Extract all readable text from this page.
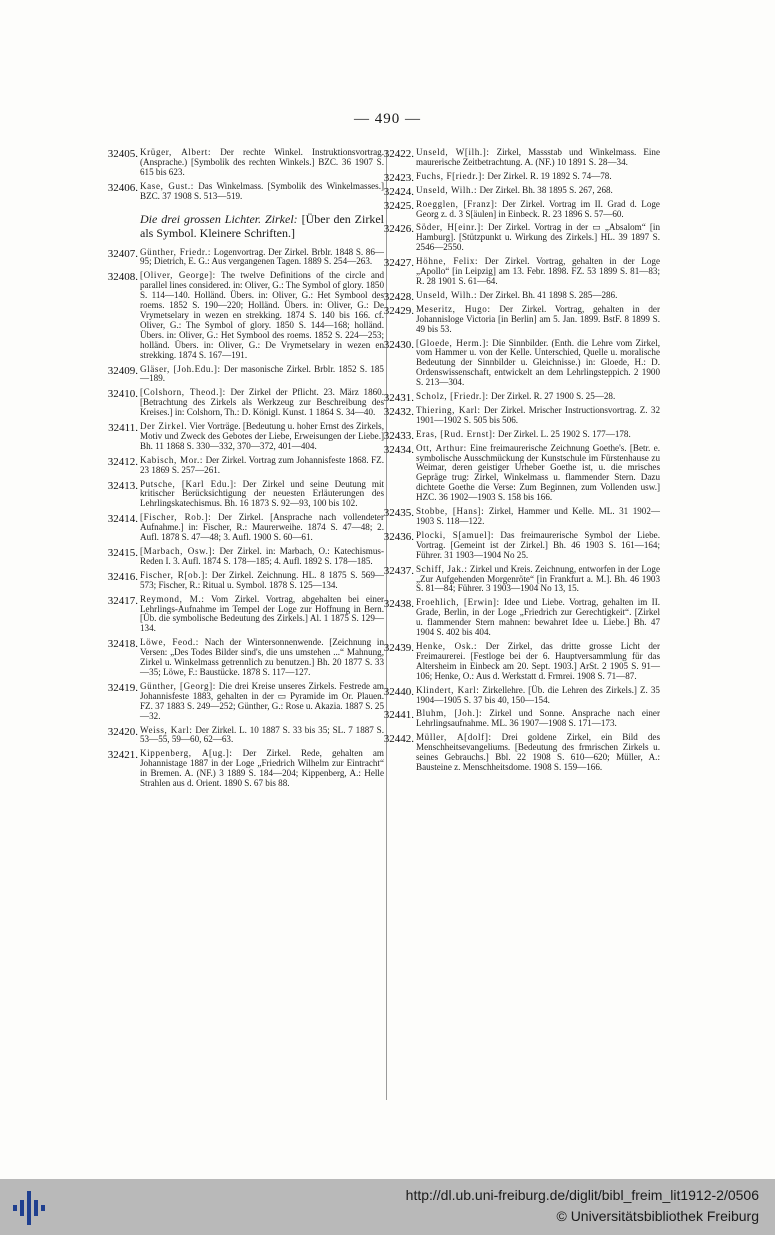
— 490 —
32405. Krüger, Albert: Der rechte Winkel. Instruktionsvortrag. (Ansprache.) [Symbolik des rechten Winkels.] BZC. 36 1907 S. 615 bis 623.
32406. Kase, Gust.: Das Winkelmass. [Symbolik des Winkelmasses.] BZC. 37 1908 S. 513—519.
Die drei grossen Lichter. Zirkel: [Über den Zirkel als Symbol. Kleinere Schriften.]
32407. Günther, Friedr.: Logenvortrag. Der Zirkel. Brblr. 1848 S. 86—95; Dietrich, E. G.: Aus vergangenen Tagen. 1889 S. 254—263.
32408. [Oliver, George]: The twelve Definitions of the circle and parallel lines considered. in: Oliver, G.: The Symbol of glory. 1850 S. 114—140. Holländ. Übers. in: Oliver, G.: Het Symbool des roems. 1852 S. 190—220; Holländ. Übers. in: Oliver, G.: De Vrymetselary in wezen en strekking. 1874 S. 140 bis 166. cf. Oliver, G.: The Symbol of glory. 1850 S. 144—168; holländ. Übers. in: Oliver, G.: Het Symbool des roems. 1852 S. 224—253; holländ. Übers. in: Oliver, G.: De Vrymetselary in wezen en strekking. 1874 S. 167—191.
32409. Gläser, [Joh.Edu.]: Der masonische Zirkel. Brblr. 1852 S. 185—189.
32410. [Colshorn, Theod.]: Der Zirkel der Pflicht. 23. März 1860. [Betrachtung des Zirkels als Werkzeug zur Beschreibung des Kreises.] in: Colshorn, Th.: D. Königl. Kunst. 1 1864 S. 34—40.
32411. Der Zirkel. Vier Vorträge. [Bedeutung u. hoher Ernst des Zirkels, Motiv und Zweck des Gebotes der Liebe, Erweisungen der Liebe.] Bh. 11 1868 S. 330—332, 370—372, 401—404.
32412. Kabisch, Mor.: Der Zirkel. Vortrag zum Johannisfeste 1868. FZ. 23 1869 S. 257—261.
32413. Putsche, [Karl Edu.]: Der Zirkel und seine Deutung mit kritischer Berücksichtigung der neuesten Erläuterungen des Lehrlingskatechismus. Bh. 16 1873 S. 92—93, 100 bis 102.
32414. [Fischer, Rob.]: Der Zirkel. [Ansprache nach vollendeter Aufnahme.] in: Fischer, R.: Maurerweihe. 1874 S. 47—48; 2. Aufl. 1878 S. 47—48; 3. Aufl. 1900 S. 60—61.
32415. [Marbach, Osw.]: Der Zirkel. in: Marbach, O.: Katechismus-Reden I. 3. Aufl. 1874 S. 178—185; 4. Aufl. 1892 S. 178—185.
32416. Fischer, R[ob.]: Der Zirkel. Zeichnung. HL. 8 1875 S. 569—573; Fischer, R.: Ritual u. Symbol. 1878 S. 125—134.
32417. Reymond, M.: Vom Zirkel. Vortrag, abgehalten bei einer Lehrlings-Aufnahme im Tempel der Loge zur Hoffnung in Bern. [Üb. die symbolische Bedeutung des Zirkels.] Al. 1 1875 S. 129—134.
32418. Löwe, Feod.: Nach der Wintersonnenwende. [Zeichnung in Versen: „Des Todes Bilder sind's, die uns umstehen ...“ Mahnung, Zirkel u. Winkelmass getrennlich zu benutzen.] Bh. 20 1877 S. 33—35; Löwe, F.: Baustücke. 1878 S. 117—127.
32419. Günther, [Georg]: Die drei Kreise unseres Zirkels. Festrede am Johannisfeste 1883, gehalten in der ▭ Pyramide im Or. Plauen. FZ. 37 1883 S. 249—252; Günther, G.: Rose u. Akazia. 1887 S. 25—32.
32420. Weiss, Karl: Der Zirkel. L. 10 1887 S. 33 bis 35; SL. 7 1887 S. 53—55, 59—60, 62—63.
32421. Kippenberg, A[ug.]: Der Zirkel. Rede, gehalten am Johannistage 1887 in der Loge „Friedrich Wilhelm zur Eintracht“ in Bremen. A. (NF.) 3 1889 S. 184—204; Kippenberg, A.: Helle Strahlen aus d. Orient. 1890 S. 67 bis 88.
32422. Unseld, W[ilh.]: Zirkel, Massstab und Winkelmass. Eine maurerische Zeitbetrachtung. A. (NF.) 10 1891 S. 28—34.
32423. Fuchs, F[riedr.]: Der Zirkel. R. 19 1892 S. 74—78.
32424. Unseld, Wilh.: Der Zirkel. Bh. 38 1895 S. 267, 268.
32425. Roegglen, [Franz]: Der Zirkel. Vortrag im II. Grad d. Loge Georg z. d. 3 S[äulen] in Einbeck. R. 23 1896 S. 57—60.
32426. Söder, H[einr.]: Der Zirkel. Vortrag in der ▭ „Absalom“ [in Hamburg]. [Stützpunkt u. Wirkung des Zirkels.] HL. 39 1897 S. 2546—2550.
32427. Höhne, Felix: Der Zirkel. Vortrag, gehalten in der Loge „Apollo“ [in Leipzig] am 13. Febr. 1898. FZ. 53 1899 S. 81—83; R. 28 1901 S. 61—64.
32428. Unseld, Wilh.: Der Zirkel. Bh. 41 1898 S. 285—286.
32429. Meseritz, Hugo: Der Zirkel. Vortrag, gehalten in der Johannisloge Victoria [in Berlin] am 5. Jan. 1899. BstF. 8 1899 S. 49 bis 53.
32430. [Gloede, Herm.]: Die Sinnbilder. (Enth. die Lehre vom Zirkel, vom Hammer u. von der Kelle. Unterschied, Quelle u. moralische Bedeutung der Sinnbilder u. Gleichnisse.) in: Gloede, H.: D. Ordenswissenschaft, entwickelt an dem Lehrlingsteppich. 2 1900 S. 213—304.
32431. Scholz, [Friedr.]: Der Zirkel. R. 27 1900 S. 25—28.
32432. Thiering, Karl: Der Zirkel. Mrischer Instructionsvortrag. Z. 32 1901—1902 S. 505 bis 506.
32433. Eras, [Rud. Ernst]: Der Zirkel. L. 25 1902 S. 177—178.
32434. Ott, Arthur: Eine freimaurerische Zeichnung Goethe's. [Betr. e. symbolische Ausschmückung der Kunstschule im Fürstenhause zu Weimar, deren geistiger Urheber Goethe ist, u. die mrisches Gepräge trug: Zirkel, Winkelmass u. flammender Stern. Dazu dichtete Goethe die Verse: Zum Beginnen, zum Vollenden usw.] HZC. 36 1902—1903 S. 158 bis 166.
32435. Stobbe, [Hans]: Zirkel, Hammer und Kelle. ML. 31 1902—1903 S. 118—122.
32436. Plocki, S[amuel]: Das freimaurerische Symbol der Liebe. Vortrag. [Gemeint ist der Zirkel.] Bh. 46 1903 S. 161—164; Führer. 31 1903—1904 No 25.
32437. Schiff, Jak.: Zirkel und Kreis. Zeichnung, entworfen in der Loge „Zur Aufgehenden Morgenröte“ [in Frankfurt a. M.]. Bh. 46 1903 S. 81—84; Führer. 3 1903—1904 No 13, 15.
32438. Froehlich, [Erwin]: Idee und Liebe. Vortrag, gehalten im II. Grade, Berlin, in der Loge „Friedrich zur Gerechtigkeit“. [Zirkel u. flammender Stern mahnen: bewahret Idee u. Liebe.] Bh. 47 1904 S. 402 bis 404.
32439. Henke, Osk.: Der Zirkel, das dritte grosse Licht der Freimaurerei. [Festloge bei der 6. Hauptversammlung für das Altersheim in Einbeck am 20. Sept. 1903.] ArSt. 2 1905 S. 91—106; Henke, O.: Aus d. Werkstatt d. Frmrei. 1908 S. 71—87.
32440. Klindert, Karl: Zirkellehre. [Üb. die Lehren des Zirkels.] Z. 35 1904—1905 S. 37 bis 40, 150—154.
32441. Bluhm, [Joh.]: Zirkel und Sonne. Ansprache nach einer Lehrlingsaufnahme. ML. 36 1907—1908 S. 171—173.
32442. Müller, A[dolf]: Drei goldene Zirkel, ein Bild des Menschheitsevangeliums. [Bedeutung des frmrischen Zirkels u. seines Gebrauchs.] Bbl. 22 1908 S. 610—620; Müller, A.: Bausteine z. Menschheitsdome. 1908 S. 159—166.
http://dl.ub.uni-freiburg.de/diglit/bibl_freim_lit1912-2/0506
© Universitätsbibliothek Freiburg
